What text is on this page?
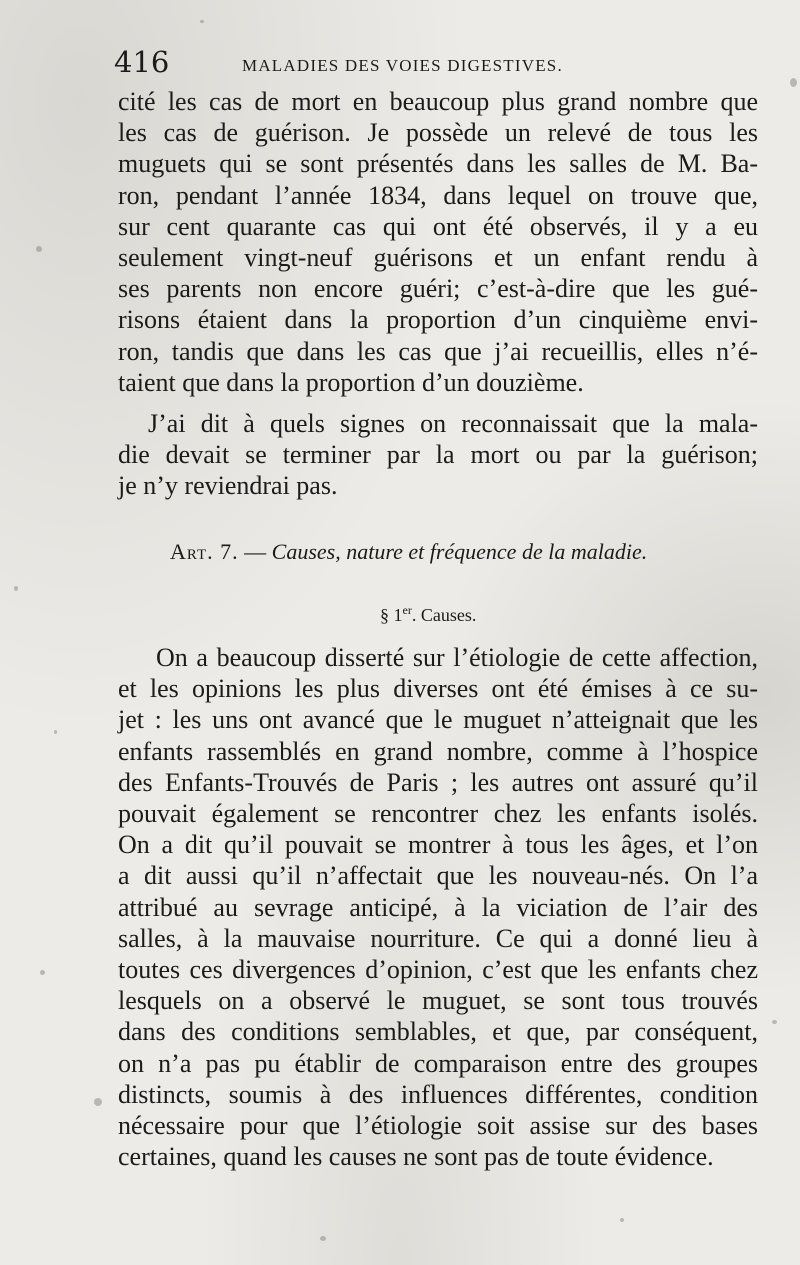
416	MALADIES DES VOIES DIGESTIVES.
cité les cas de mort en beaucoup plus grand nombre que
les cas de guérison. Je possède un relevé de tous les
muguets qui se sont présentés dans les salles de M. Ba-
ron, pendant l’année 1834, dans lequel on trouve que,
sur cent quarante cas qui ont été observés, il y a eu
seulement vingt-neuf guérisons et un enfant rendu à
ses parents non encore guéri; c’est-à-dire que les gué-
risons étaient dans la proportion d’un cinquième envi-
ron, tandis que dans les cas que j’ai recueillis, elles n’é-
taient que dans la proportion d’un douzième.
J’ai dit à quels signes on reconnaissait que la mala-
die devait se terminer par la mort ou par la guérison;
je n’y reviendrai pas.
Art. 7. — Causes, nature et fréquence de la maladie.
§ 1er. Causes.
On a beaucoup disserté sur l’étiologie de cette affection,
et les opinions les plus diverses ont été émises à ce su-
jet : les uns ont avancé que le muguet n’atteignait que les
enfants rassemblés en grand nombre, comme à l’hospice
des Enfants-Trouvés de Paris ; les autres ont assuré qu’il
pouvait également se rencontrer chez les enfants isolés.
On a dit qu’il pouvait se montrer à tous les âges, et l’on
a dit aussi qu’il n’affectait que les nouveau-nés. On l’a
attribué au sevrage anticipé, à la viciation de l’air des
salles, à la mauvaise nourriture. Ce qui a donné lieu à
toutes ces divergences d’opinion, c’est que les enfants chez
lesquels on a observé le muguet, se sont tous trouvés
dans des conditions semblables, et que, par conséquent,
on n’a pas pu établir de comparaison entre des groupes
distincts, soumis à des influences différentes, condition
nécessaire pour que l’étiologie soit assise sur des bases
certaines, quand les causes ne sont pas de toute évidence.
